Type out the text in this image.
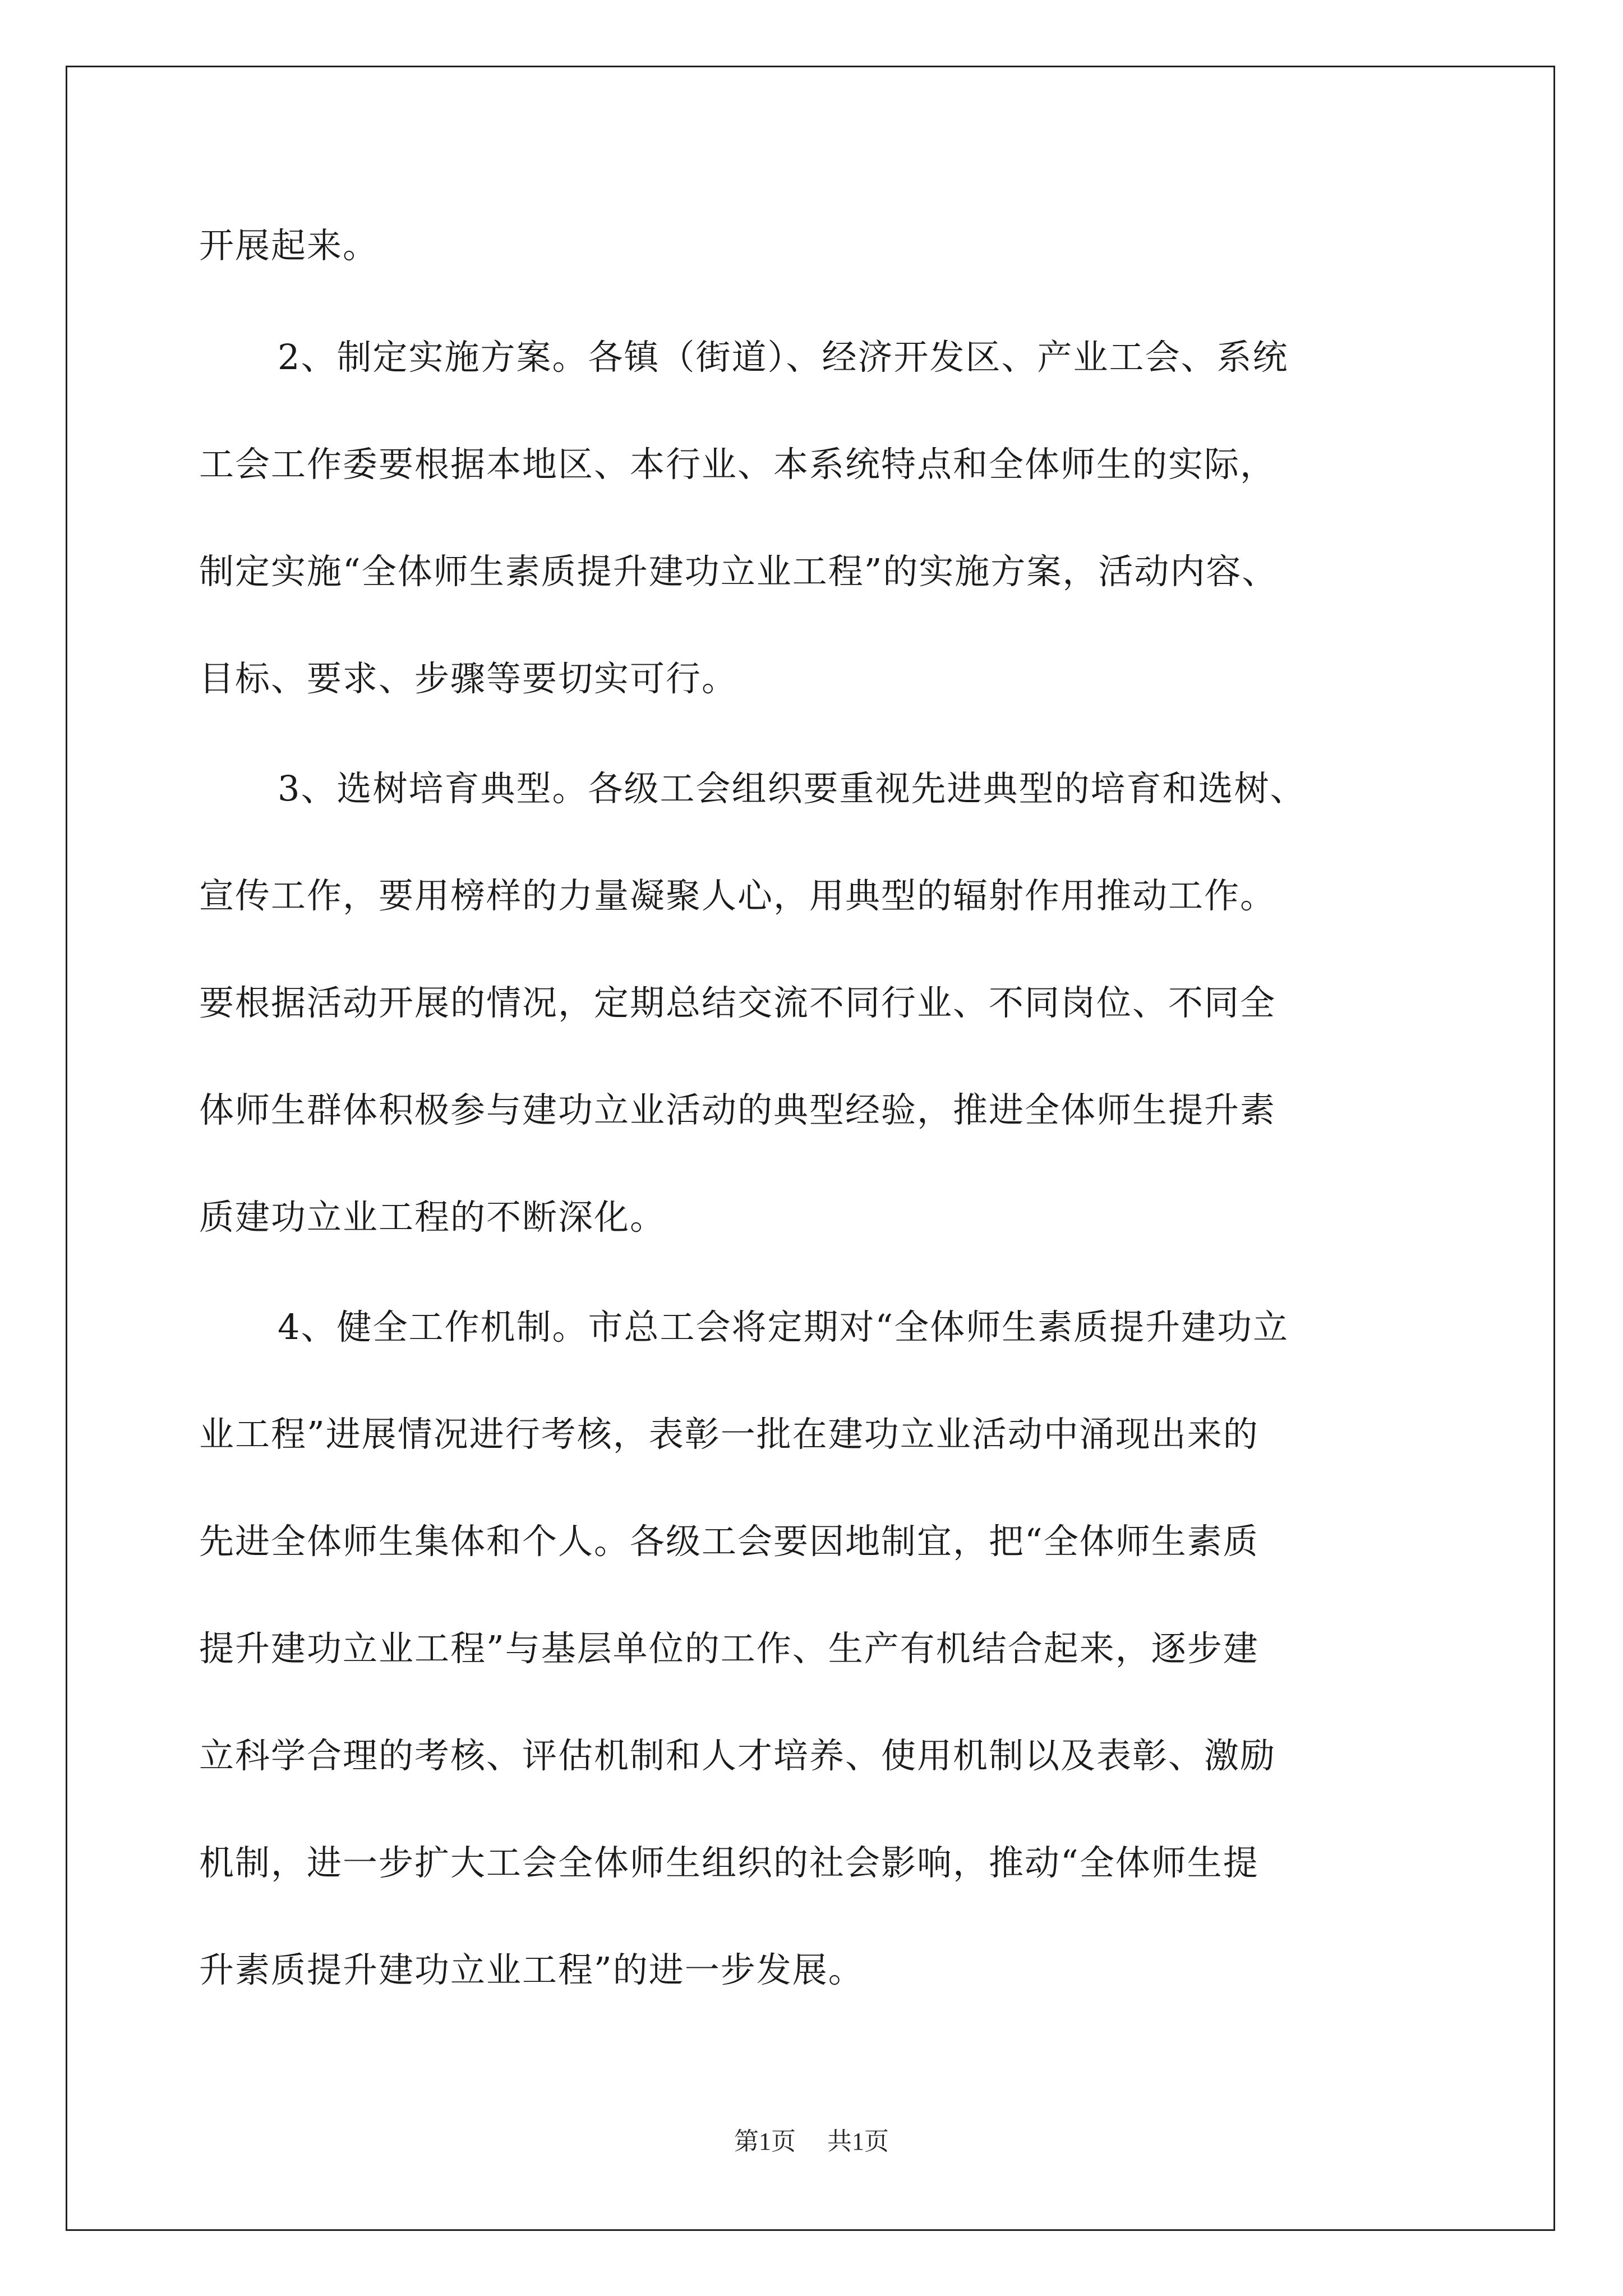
开展起来。
2、制定实施方案。各镇（街道）、经济开发区、产业工会、系统
工会工作委要根据本地区、本行业、本系统特点和全体师生的实际，
制定实施“全体师生素质提升建功立业工程”的实施方案，活动内容、
目标、要求、步骤等要切实可行。
3、选树培育典型。各级工会组织要重视先进典型的培育和选树、
宣传工作，要用榜样的力量凝聚人心，用典型的辐射作用推动工作。
要根据活动开展的情况，定期总结交流不同行业、不同岗位、不同全
体师生群体积极参与建功立业活动的典型经验，推进全体师生提升素
质建功立业工程的不断深化。
4、健全工作机制。市总工会将定期对“全体师生素质提升建功立
业工程”进展情况进行考核，表彰一批在建功立业活动中涌现出来的
先进全体师生集体和个人。各级工会要因地制宜，把“全体师生素质
提升建功立业工程”与基层单位的工作、生产有机结合起来，逐步建
立科学合理的考核、评估机制和人才培养、使用机制以及表彰、激励
机制，进一步扩大工会全体师生组织的社会影响，推动“全体师生提
升素质提升建功立业工程”的进一步发展。
第1页 共1页
